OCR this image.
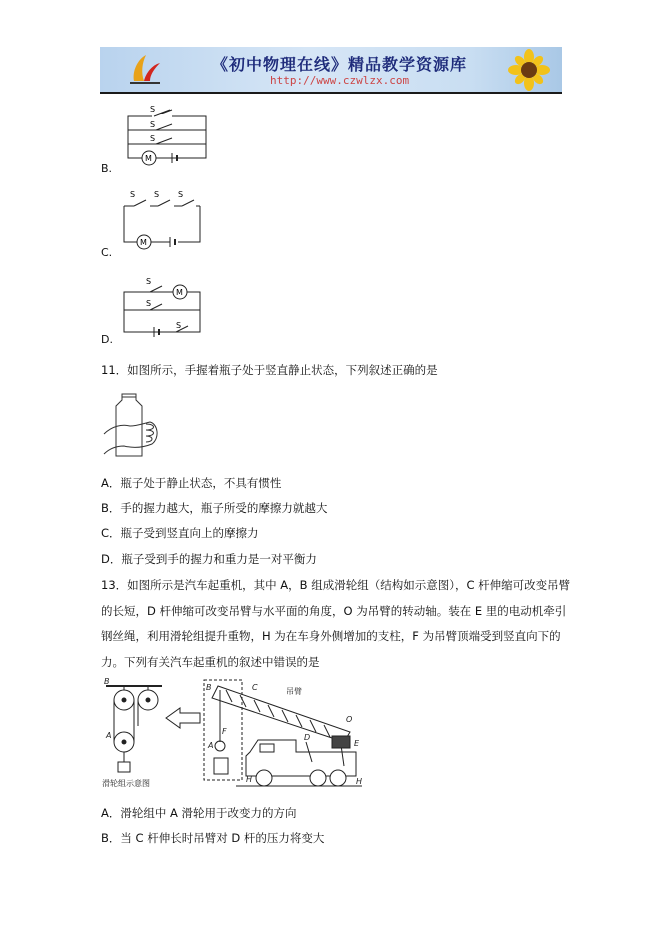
《初中物理在线》精品教学资源库
http://www.czwlzx.com
S
S
S
M
B.
S S S
M
C.
S
S
S
M
D.
11．如图所示，手握着瓶子处于竖直静止状态，下列叙述正确的是
A．瓶子处于静止状态，不具有惯性
B．手的握力越大，瓶子所受的摩擦力就越大
C．瓶子受到竖直向上的摩擦力
D．瓶子受到手的握力和重力是一对平衡力
13．如图所示是汽车起重机，其中 A，B 组成滑轮组（结构如示意图），C 杆伸缩可改变吊臂
的长短，D 杆伸缩可改变吊臂与水平面的角度，O 为吊臂的转动轴。装在 E 里的电动机牵引
钢丝绳，利用滑轮组提升重物，H 为在车身外侧增加的支柱，F 为吊臂顶端受到竖直向下的
力。下列有关汽车起重机的叙述中错误的是
B
A
B
A
F
C	吊臂
O
D
E
H	H
滑轮组示意图
A．滑轮组中 A 滑轮用于改变力的方向
B．当 C 杆伸长时吊臂对 D 杆的压力将变大
